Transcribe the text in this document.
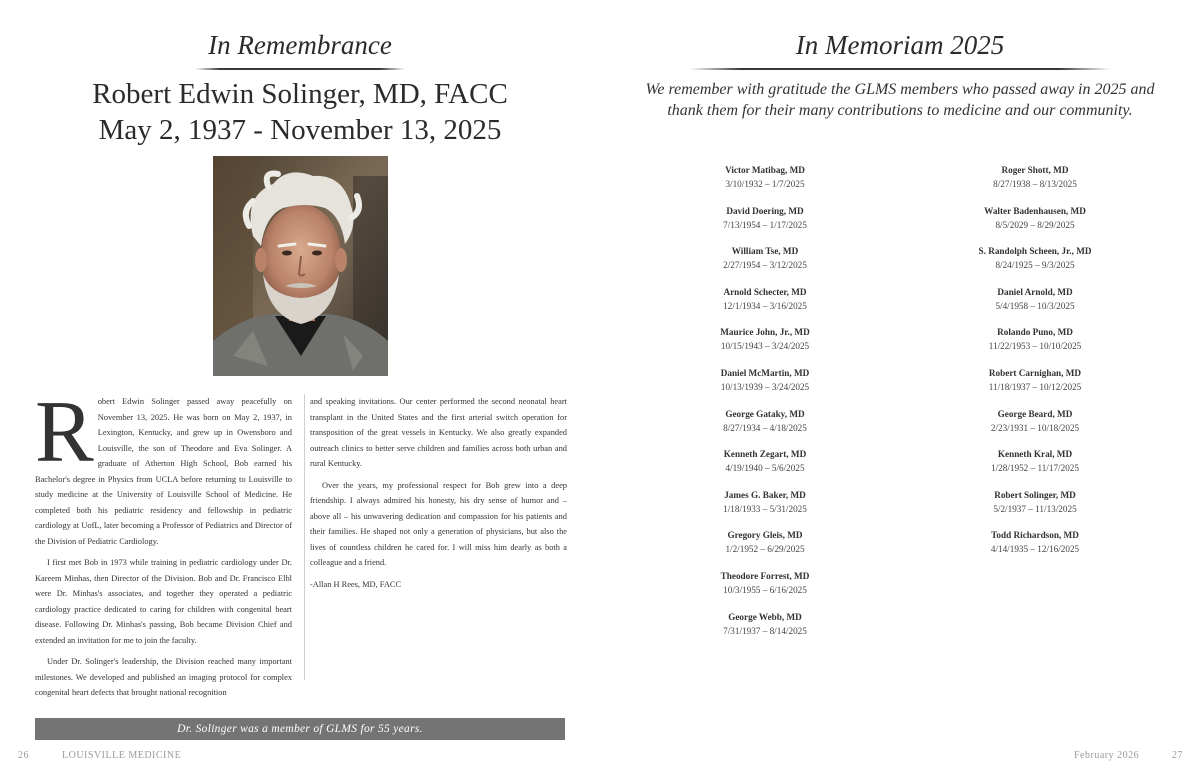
In Remembrance
Robert Edwin Solinger, MD, FACC
May 2, 1937 - November 13, 2025

Robert Edwin Solinger passed away peacefully on November 13, 2025. He was born on May 2, 1937, in Lexington, Kentucky, and grew up in Owensboro and Louisville, the son of Theodore and Eva Solinger. A graduate of Atherton High School, Bob earned his Bachelor's degree in Physics from UCLA before returning to Louisville to study medicine at the University of Louisville School of Medicine. He completed both his pediatric residency and fellowship in pediatric cardiology at UofL, later becoming a Professor of Pediatrics and Director of the Division of Pediatric Cardiology.

I first met Bob in 1973 while training in pediatric cardiology under Dr. Kareem Minhas, then Director of the Division. Bob and Dr. Francisco Elbl were Dr. Minhas's associates, and together they operated a pediatric cardiology practice dedicated to caring for children with congenital heart disease. Following Dr. Minhas's passing, Bob became Division Chief and extended an invitation for me to join the faculty.

Under Dr. Solinger's leadership, the Division reached many important milestones. We developed and published an imaging protocol for complex congenital heart defects that brought national recognition

and speaking invitations. Our center performed the second neonatal heart transplant in the United States and the first arterial switch operation for transposition of the great vessels in Kentucky. We also greatly expanded outreach clinics to better serve children and families across both urban and rural Kentucky.

Over the years, my professional respect for Bob grew into a deep friendship. I always admired his honesty, his dry sense of humor and – above all – his unwavering dedication and compassion for his patients and their families. He shaped not only a generation of physicians, but also the lives of countless children he cared for. I will miss him dearly as both a colleague and a friend.

-Allan H Rees, MD, FACC

Dr. Solinger was a member of GLMS for 55 years.
26	LOUISVILLE MEDICINE
In Memoriam 2025
We remember with gratitude the GLMS members who passed away in 2025 and
thank them for their many contributions to medicine and our community.
Victor Matibag, MD
3/10/1932 – 1/7/2025
David Doering, MD
7/13/1954 – 1/17/2025
William Tse, MD
2/27/1954 – 3/12/2025
Arnold Schecter, MD
12/1/1934 – 3/16/2025
Maurice John, Jr., MD
10/15/1943 – 3/24/2025
Daniel McMartin, MD
10/13/1939 – 3/24/2025
George Gataky, MD
8/27/1934 – 4/18/2025
Kenneth Zegart, MD
4/19/1940 – 5/6/2025
James G. Baker, MD
1/18/1933 – 5/31/2025
Gregory Gleis, MD
1/2/1952 – 6/29/2025
Theodore Forrest, MD
10/3/1955 – 6/16/2025
George Webb, MD
7/31/1937 – 8/14/2025
Roger Shott, MD
8/27/1938 – 8/13/2025
Walter Badenhausen, MD
8/5/2029 – 8/29/2025
S. Randolph Scheen, Jr., MD
8/24/1925 – 9/3/2025
Daniel Arnold, MD
5/4/1958 – 10/3/2025
Rolando Puno, MD
11/22/1953 – 10/10/2025
Robert Carnighan, MD
11/18/1937 – 10/12/2025
George Beard, MD
2/23/1931 – 10/18/2025
Kenneth Kral, MD
1/28/1952 – 11/17/2025
Robert Solinger, MD
5/2/1937 – 11/13/2025
Todd Richardson, MD
4/14/1935 – 12/16/2025
February 2026	27
